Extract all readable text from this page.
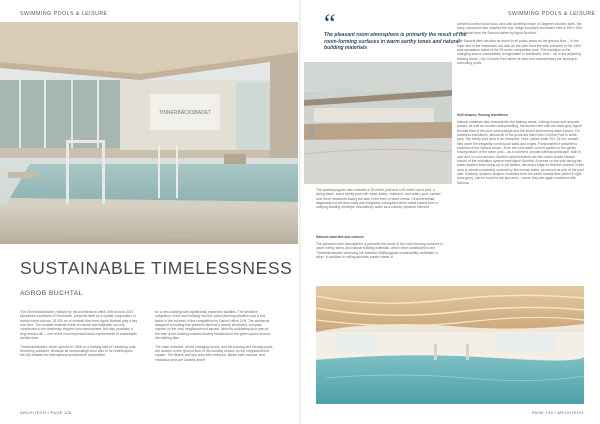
SWIMMING POOLS & LEISURE
TINNERBÄCKSBADET
SUSTAINABLE TIMELESSNESS
AGROB BUCHTAL
The Tinnerbäcksbadet, realised by the architectural office 3XN around 2010 kilometres southwest of Stockholm, presents itself as a spatial composition in earthy warm colours. 18,000 m² of ceramic tiles from Agrob Buchtal play a key role here. The durable material made of natural raw materials not only contributes to the timelessly elegant room atmosphere, but also promises a long service life – one of the most important basic requirements of sustainable architecture.

Tinnerbäcksbadet, which opened in 1965 on a bathing lake in Linköping, was becoming outdated. Because its surroundings were also to be redeveloped, the city initiated an international architectural competition
for a new building with significantly expanded facilities. The sensitive integration of the new building into the urban planning situation was a key factor in the success of the competition by Danish office 3XN. The architects designed a building that presents itself as a clearly structured, compact volume on the new, neighbourhood square, while its undulating floor plan at the rear of the building enables flowing transitions to the green space around the bathing lake.

The main entrance, all the changing rooms, and the training and therapy pools are located on the ground floor of the building section on the neighbourhood square. The fitness and spa area with whirlpool, steam bath, saunas, and relaxation area are located above
ARCHITECH • PAGE 128
SWIMMING POOLS & LEISURE
“
The pleasant room atmosphere is primarily the result of the room-forming surfaces in warm earthy tones and natural building materials
The spatial program also includes a 25-metre pool and a 50-metre sport pool, a diving basin, and a family pool with water slides, children's' and water–pool, spread over three structures facing the lake in the form of wave crests. Circumferential, diagonally-cut window strips and irregularly corrugated sheet metal panels form a unifying building envelope innovatively water as a natural, dynamic element.
Natural materials and colours
The pleasant room atmosphere is primarily the result of the room-forming surfaces in warm earthy tones and natural building materials, which have contributed to the Tinnerbäcksbadet achieving the Swedish Miljöbyggnad sustainability certificate in silver. In addition to ceiling acoustic panels made of
cement-bonded wood wool, and wall panelling made of Siegener wooden slats, the lively, structured tiles satisfies the eye. Beige porcelain stoneware tiles in 900 x 600 mm format from the Savona series by Agrob Buchtal.

The Savona tiles can also be found in all public areas on the ground floor – in the foyer and in the restaurant, but also on the path from the side entrance to the 1480 seat spectators stand of the 50 metre competition pool. The transition to the changing area is immediately recognisable to swimmers; here – as in the adjoining bathing areas – the Chroma Pool series is used and characterises the flooring in swimming pools.
Soft shapes, flowing transitions
Natural materials also characterise the bathing areas. Ceiling recess and acoustic panels, as well as wooden wall panelling, harmonise here with the sand-grey Agrob Buchtal tiles of the pool surroundings and the bluish shimmering water basins. For seamless transitions, almost all of the pools are fitted with Chroma Pool in white-grey. The family pool area is an exception. Here, active white 25 x 25 mm mosaic tiles cover the elegantly curved pool walls and edges. Floral makes it possible to experience the various areas – from the cold-water current system to the gently flowing beach of the wave pool – as a coherent, circular bathing landscape, both in plan and in cross-section. Another special feature are the cotton-shade shower stones of the relaxation system from Agrob Buchtal. A recess on the side facing the water washes fresh rising up to pill beams, the drops edge so that the channel in this area is almost completely covered by the mosaic water, perceived as part of the pool wall. Similarly, dynamic shapes, modelled from the same mosaic tiles (albeit in light sand grey), can be found in the spa area – where they are again combined with Savona.
PAGE 129 • ARCHITECH
